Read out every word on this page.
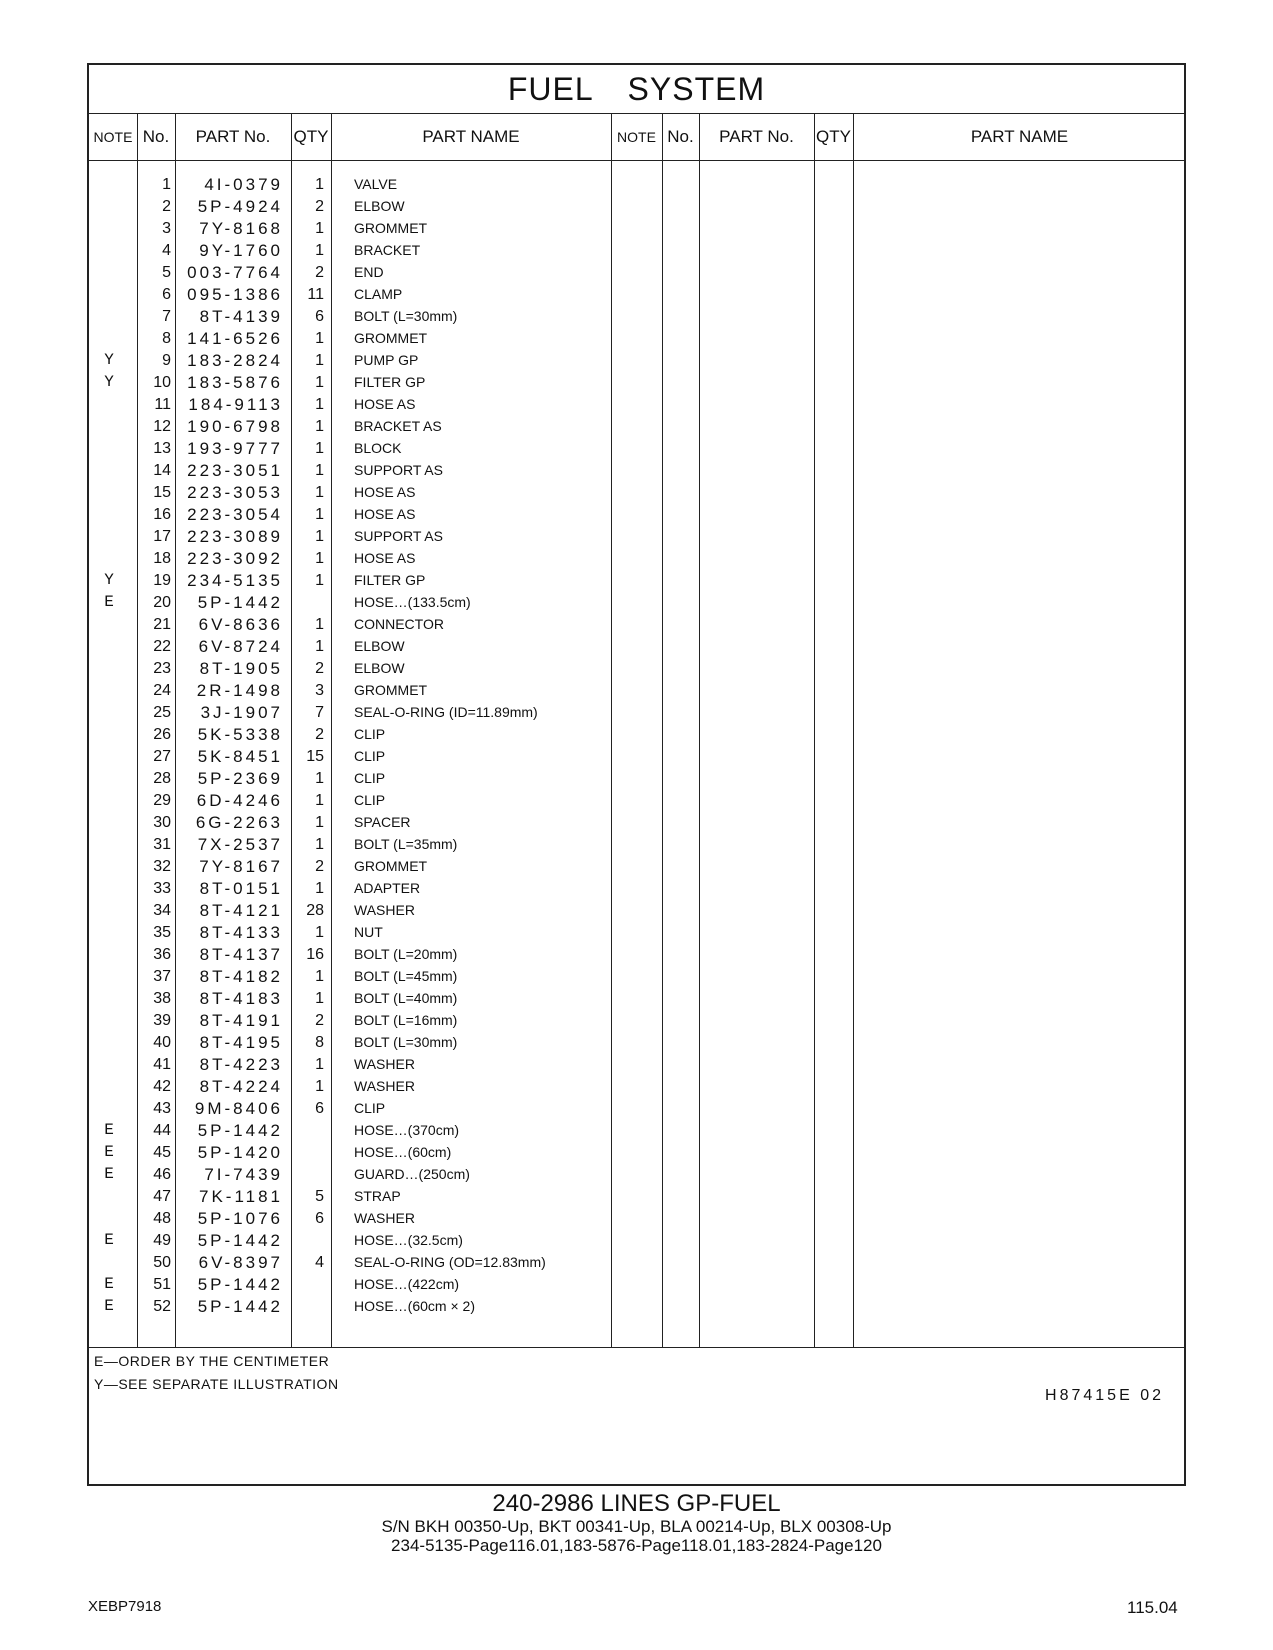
FUEL SYSTEM
NOTE No.	PART No.	QTY	PART NAME	NOTE No.	PART No.	QTY	PART NAME
1	4I-0379	1 VALVE
2	5P-4924	2 ELBOW
3	7Y-8168	1 GROMMET
4	9Y-1760	1 BRACKET
5 003-7764	2 END
6 095-1386	11 CLAMP
7	8T-4139	6 BOLT (L=30mm)
8 141-6526	1 GROMMET
Y	9 183-2824	1 PUMP GP
Y	10 183-5876	1 FILTER GP
11 184-9113	1 HOSE AS
12 190-6798	1 BRACKET AS
13 193-9777	1 BLOCK
14 223-3051	1 SUPPORT AS
15 223-3053	1 HOSE AS
16 223-3054	1 HOSE AS
17 223-3089	1 SUPPORT AS
18 223-3092	1 HOSE AS
Y	19 234-5135	1 FILTER GP
E	20	5P-1442	HOSE…(133.5cm)
21	6V-8636	1 CONNECTOR
22	6V-8724	1 ELBOW
23	8T-1905	2 ELBOW
24	2R-1498	3 GROMMET
25	3J-1907	7 SEAL-O-RING (ID=11.89mm)
26	5K-5338	2 CLIP
27	5K-8451	15 CLIP
28	5P-2369	1 CLIP
29	6D-4246	1 CLIP
30	6G-2263	1 SPACER
31	7X-2537	1 BOLT (L=35mm)
32	7Y-8167	2 GROMMET
33	8T-0151	1 ADAPTER
34	8T-4121	28 WASHER
35	8T-4133	1 NUT
36	8T-4137	16 BOLT (L=20mm)
37	8T-4182	1 BOLT (L=45mm)
38	8T-4183	1 BOLT (L=40mm)
39	8T-4191	2 BOLT (L=16mm)
40	8T-4195	8 BOLT (L=30mm)
41	8T-4223	1 WASHER
42	8T-4224	1 WASHER
43	9M-8406	6 CLIP
E	44	5P-1442	HOSE…(370cm)
E	45	5P-1420	HOSE…(60cm)
E	46	7I-7439	GUARD…(250cm)
47	7K-1181	5 STRAP
48	5P-1076	6 WASHER
E	49	5P-1442	HOSE…(32.5cm)
50	6V-8397	4 SEAL-O-RING (OD=12.83mm)
E	51	5P-1442	HOSE…(422cm)
E	52	5P-1442	HOSE…(60cm × 2)
E—ORDER BY THE CENTIMETER
Y—SEE SEPARATE ILLUSTRATION
H87415E 02
240-2986 LINES GP-FUEL
S/N BKH 00350-Up, BKT 00341-Up, BLA 00214-Up, BLX 00308-Up
234-5135-Page116.01,183-5876-Page118.01,183-2824-Page120
XEBP7918	115.04
